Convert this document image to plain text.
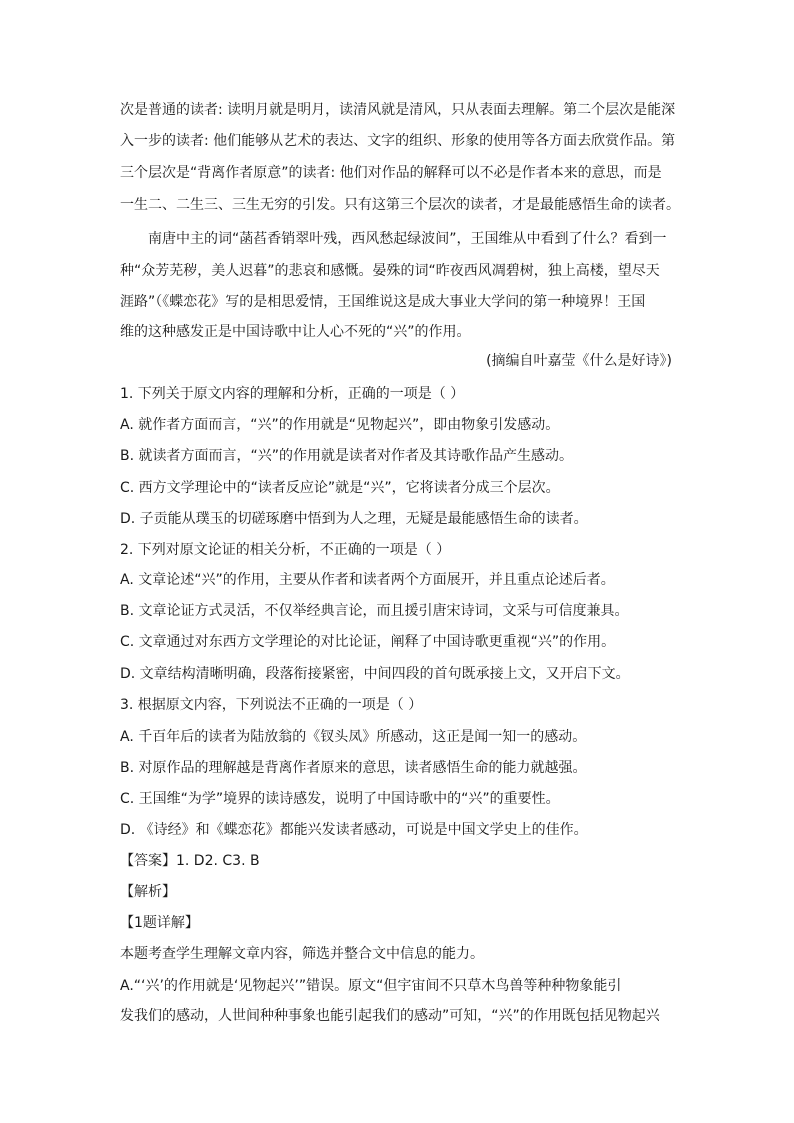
次是普通的读者: 读明月就是明月，读清风就是清风，只从表面去理解。第二个层次是能深
入一步的读者: 他们能够从艺术的表达、文字的组织、形象的使用等各方面去欣赏作品。第
三个层次是“背离作者原意”的读者: 他们对作品的解释可以不必是作者本来的意思，而是
一生二、二生三、三生无穷的引发。只有这第三个层次的读者，才是最能感悟生命的读者。
南唐中主的词“菡萏香销翠叶残，西风愁起绿波间”，王国维从中看到了什么？看到一
种“众芳芜秽，美人迟暮”的悲哀和感慨。晏殊的词“昨夜西风凋碧树，独上高楼，望尽天
涯路”（《蝶恋花》写的是相思爱情，王国维说这是成大事业大学问的第一种境界！王国
维的这种感发正是中国诗歌中让人心不死的“兴”的作用。
(摘编自叶嘉莹《什么是好诗》)
1. 下列关于原文内容的理解和分析，正确的一项是（ ）
A. 就作者方面而言，“兴”的作用就是“见物起兴”，即由物象引发感动。
B. 就读者方面而言，“兴”的作用就是读者对作者及其诗歌作品产生感动。
C. 西方文学理论中的“读者反应论”就是“兴”，它将读者分成三个层次。
D. 子贡能从璞玉的切磋琢磨中悟到为人之理，无疑是最能感悟生命的读者。
2. 下列对原文论证的相关分析，不正确的一项是（ ）
A. 文章论述“兴”的作用，主要从作者和读者两个方面展开，并且重点论述后者。
B. 文章论证方式灵活，不仅举经典言论，而且援引唐宋诗词，文采与可信度兼具。
C. 文章通过对东西方文学理论的对比论证，阐释了中国诗歌更重视“兴”的作用。
D. 文章结构清晰明确，段落衔接紧密，中间四段的首句既承接上文，又开启下文。
3. 根据原文内容，下列说法不正确的一项是（ ）
A. 千百年后的读者为陆放翁的《钗头凤》所感动，这正是闻一知一的感动。
B. 对原作品的理解越是背离作者原来的意思，读者感悟生命的能力就越强。
C. 王国维“为学”境界的读诗感发，说明了中国诗歌中的“兴”的重要性。
D. 《诗经》和《蝶恋花》都能兴发读者感动，可说是中国文学史上的佳作。
【答案】1. D2. C3. B
【解析】
【1题详解】
本题考查学生理解文章内容，筛选并整合文中信息的能力。
A.“‘兴’的作用就是‘见物起兴’”错误。原文“但宇宙间不只草木鸟兽等种种物象能引
发我们的感动，人世间种种事象也能引起我们的感动”可知，“兴”的作用既包括见物起兴
